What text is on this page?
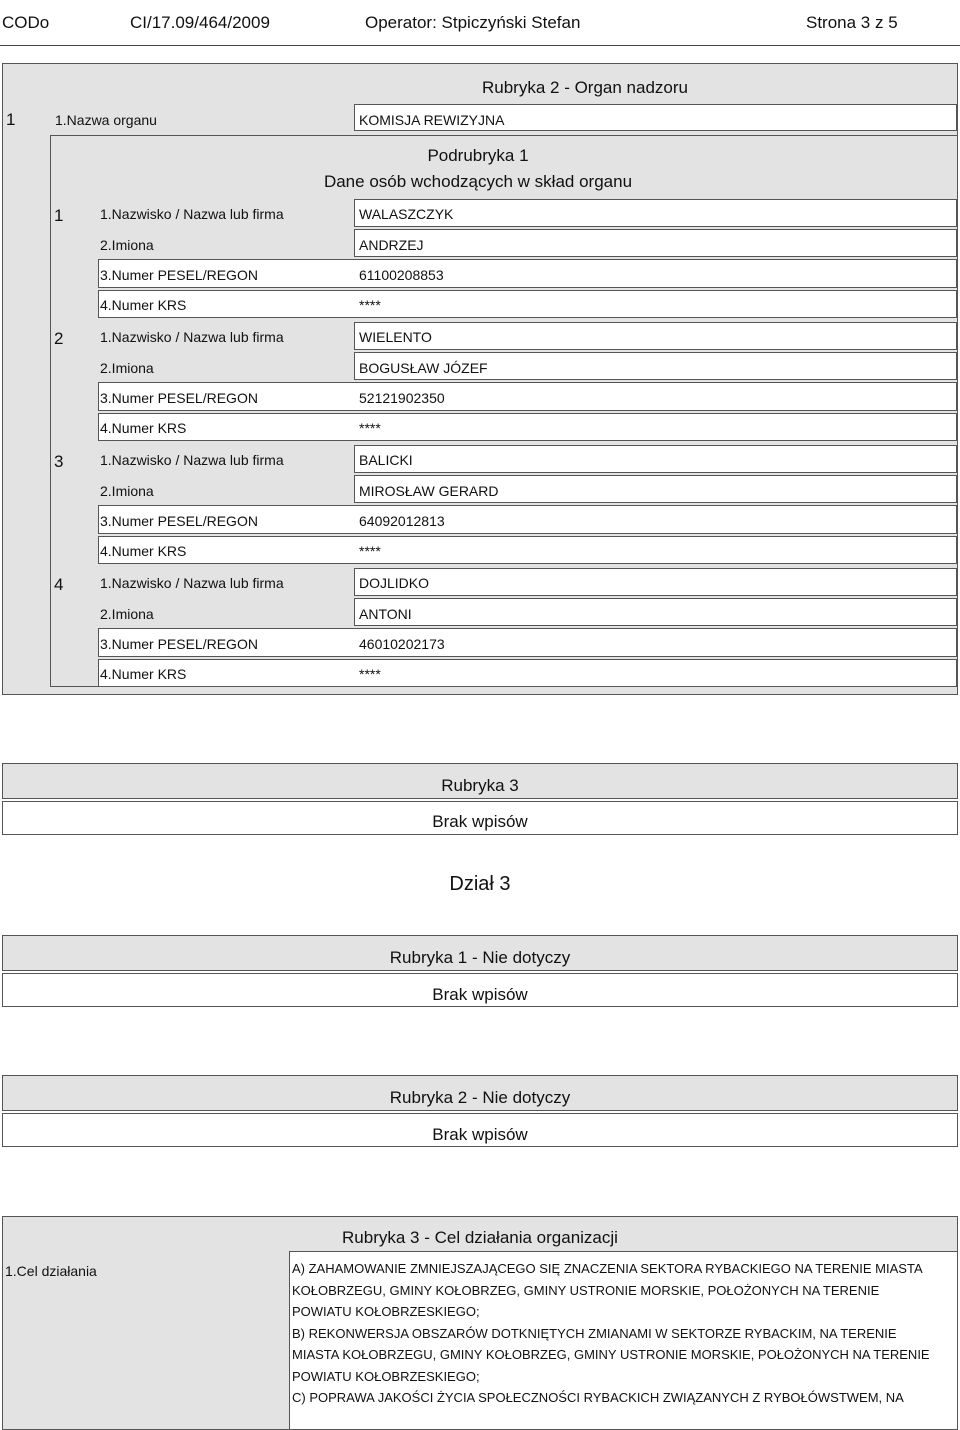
CODo	CI/17.09/464/2009	Operator: Stpiczyński Stefan	Strona 3 z 5
Rubryka 2 - Organ nadzoru
1	1.Nazwa organu	KOMISJA REWIZYJNA
Podrubryka 1
Dane osób wchodzących w skład organu
1	1.Nazwisko / Nazwa lub firma	WALASZCZYK
2.Imiona	ANDRZEJ
3.Numer PESEL/REGON	61100208853
4.Numer KRS	****
2	1.Nazwisko / Nazwa lub firma	WIELENTO
2.Imiona	BOGUSŁAW JÓZEF
3.Numer PESEL/REGON	52121902350
4.Numer KRS	****
3	1.Nazwisko / Nazwa lub firma	BALICKI
2.Imiona	MIROSŁAW GERARD
3.Numer PESEL/REGON	64092012813
4.Numer KRS	****
4	1.Nazwisko / Nazwa lub firma	DOJLIDKO
2.Imiona	ANTONI
3.Numer PESEL/REGON	46010202173
4.Numer KRS	****
Rubryka 3
Brak wpisów
Dział 3
Rubryka 1 - Nie dotyczy
Brak wpisów
Rubryka 2 - Nie dotyczy
Brak wpisów
Rubryka 3 - Cel działania organizacji
1.Cel działania	A) ZAHAMOWANIE ZMNIEJSZAJĄCEGO SIĘ ZNACZENIA SEKTORA RYBACKIEGO NA TERENIE MIASTA
KOŁOBRZEGU, GMINY KOŁOBRZEG, GMINY USTRONIE MORSKIE, POŁOŻONYCH NA TERENIE
POWIATU KOŁOBRZESKIEGO;
B) REKONWERSJA OBSZARÓW DOTKNIĘTYCH ZMIANAMI W SEKTORZE RYBACKIM, NA TERENIE
MIASTA KOŁOBRZEGU, GMINY KOŁOBRZEG, GMINY USTRONIE MORSKIE, POŁOŻONYCH NA TERENIE
POWIATU KOŁOBRZESKIEGO;
C) POPRAWA JAKOŚCI ŻYCIA SPOŁECZNOŚCI RYBACKICH ZWIĄZANYCH Z RYBOŁÓWSTWEM, NA
